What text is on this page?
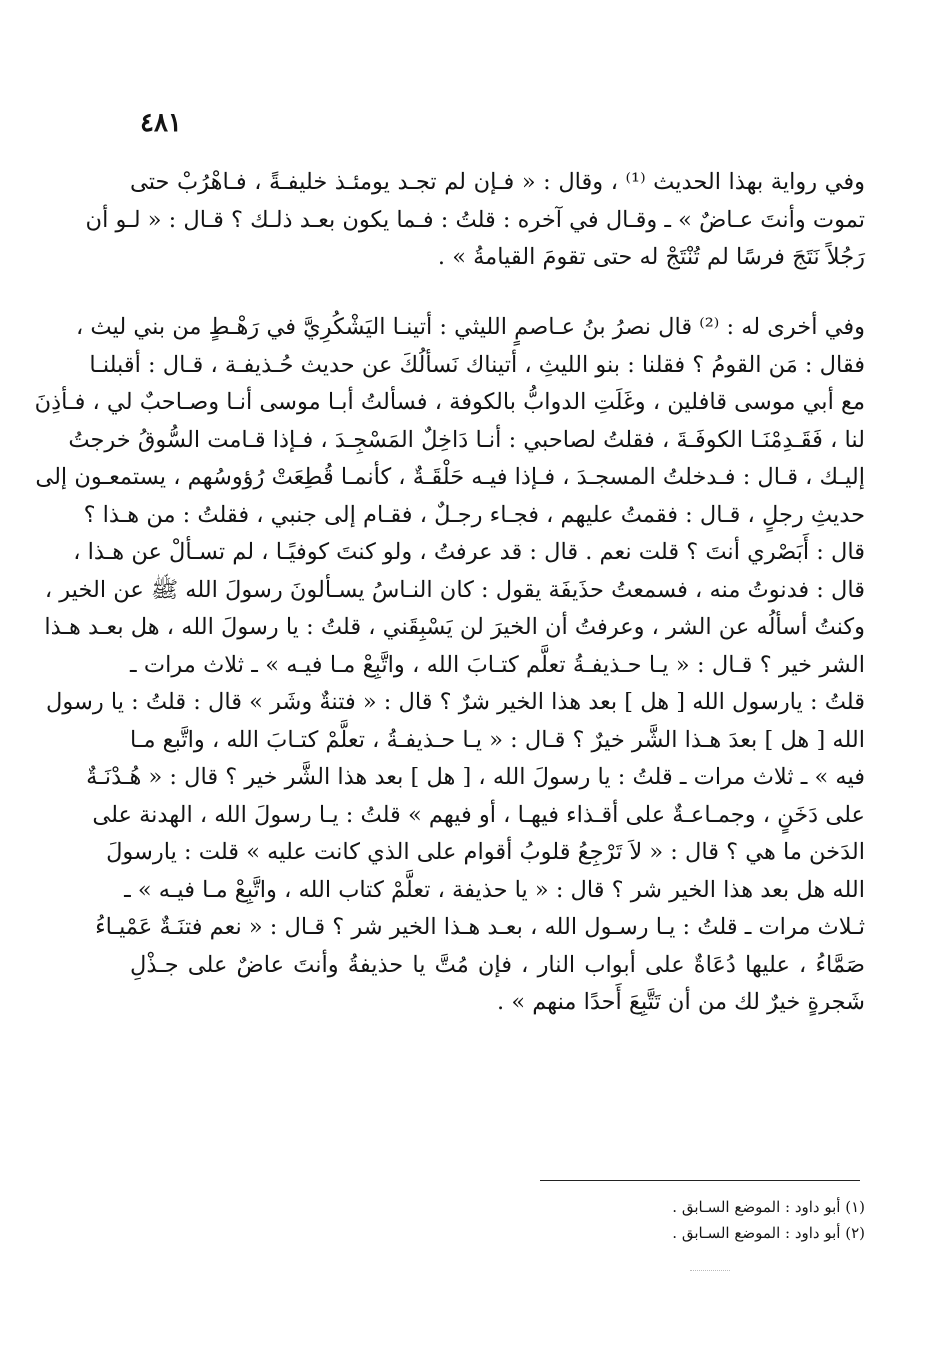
٤٨١
وفي رواية بهذا الحديث ⁽¹⁾ ، وقال : « فـإن لم تجـد يومئـذ خليفـةً ، فـاهْرُبْ حتى
تموت وأنتَ عـاضٌ » ـ وقـال في آخره : قلتُ : فـما يكون بعـد ذلـك ؟ قـال : « لـو أن
رَجُلاً نَتَجَ فرسًا لم تُنْتَجْ له حتى تقومَ القيامةُ » .
وفي أخرى له : ⁽²⁾ قال نصرُ بنُ عـاصمٍ الليثي : أتينـا اليَشْكُرِيَّ في رَهْـطٍ من بني ليث ،
فقال : مَن القومُ ؟ فقلنا : بنو الليثِ ، أتيناك نَسألُكَ عن حديث حُـذيفـة ، قـال : أقبلنـا
مع أبي موسى قافلين ، وغَلَتِ الدوابُّ بالكوفة ، فسألتُ أبـا موسى أنـا وصـاحبٌ لي ، فـأذِنَ
لنا ، فَقَـدِمْنَـا الكوفَـةَ ، فقلتُ لصاحبي : أنـا دَاخِلٌ المَسْجِـدَ ، فـإذا قـامت السُّوقُ خرجتُ
إليـك ، قـال : فـدخلتُ المسجـدَ ، فـإذا فيـه حَلْقَـةٌ ، كأنمـا قُطِعَتْ رُؤوسُهم ، يستمعـون إلى
حديثِ رجلٍ ، قـال : فقمتُ عليهم ، فجـاء رجـلٌ ، فقـام إلى جنبي ، فقلتُ : من هـذا ؟
قال : أَبَصْري أنتَ ؟ قلت نعم . قال : قد عرفتُ ، ولو كنتَ كوفيًـا ، لم تسـألْ عن هـذا ،
قال : فدنوتُ منه ، فسمعتُ حذَيفَة يقول : كان النـاسُ يسـألونَ رسولَ الله ﷺ عن الخير ،
وكنتُ أسألُه عن الشر ، وعرفتُ أن الخيرَ لن يَسْبِقَني ، قلتُ : يا رسولَ الله ، هل بعـد هـذا
الشر خير ؟ قـال : « يـا حـذيفـةُ تعلَّم كتـابَ الله ، واتَّبِعْ مـا فيـه » ـ ثلاث مرات ـ
قلتُ : يارسول الله [ هل ] بعد هذا الخير شرٌ ؟ قال : « فتنةٌ وشَر » قال : قلتُ : يا رسول
الله [ هل ] بعدَ هـذا الشَّر خيرٌ ؟ قـال : « يـا حـذيفـةُ ، تعلَّمْ كتـابَ الله ، واتَّبع مـا
فيه » ـ ثلاث مرات ـ قلتُ : يا رسولَ الله ، [ هل ] بعد هذا الشَّر خير ؟ قال : « هُـدْنَـةٌ
على دَخَنٍ ، وجمـاعـةٌ على أقـذاء فيهـا ، أو فيهم » قلتُ : يـا رسولَ الله ، الهدنة على
الدَخن ما هي ؟ قال : « لاَ تَرْجِعُ قلوبُ أقوام على الذي كانت عليه » قلت : يارسولَ
الله هل بعد هذا الخير شر ؟ قال : « يا حذيفة ، تعلَّمْ كتاب الله ، واتَّبِعْ مـا فيـه » ـ
ثـلاث مرات ـ قلتُ : يـا رسـول الله ، بعـد هـذا الخير شر ؟ قـال : « نعم فتنَـةٌ عَمْيـاءُ
صَمَّاءُ ، عليها دُعَاةٌ على أبواب النار ، فإن مُتَّ يا حذيفةُ وأنتَ عاضٌ على جـذْلِ
شَجرةٍ خيرٌ لك من أن تَتَّبِعَ أَحدًا منهم » .
(١) أبو داود : الموضع السـابق .
(٢) أبو داود : الموضع السـابق .
